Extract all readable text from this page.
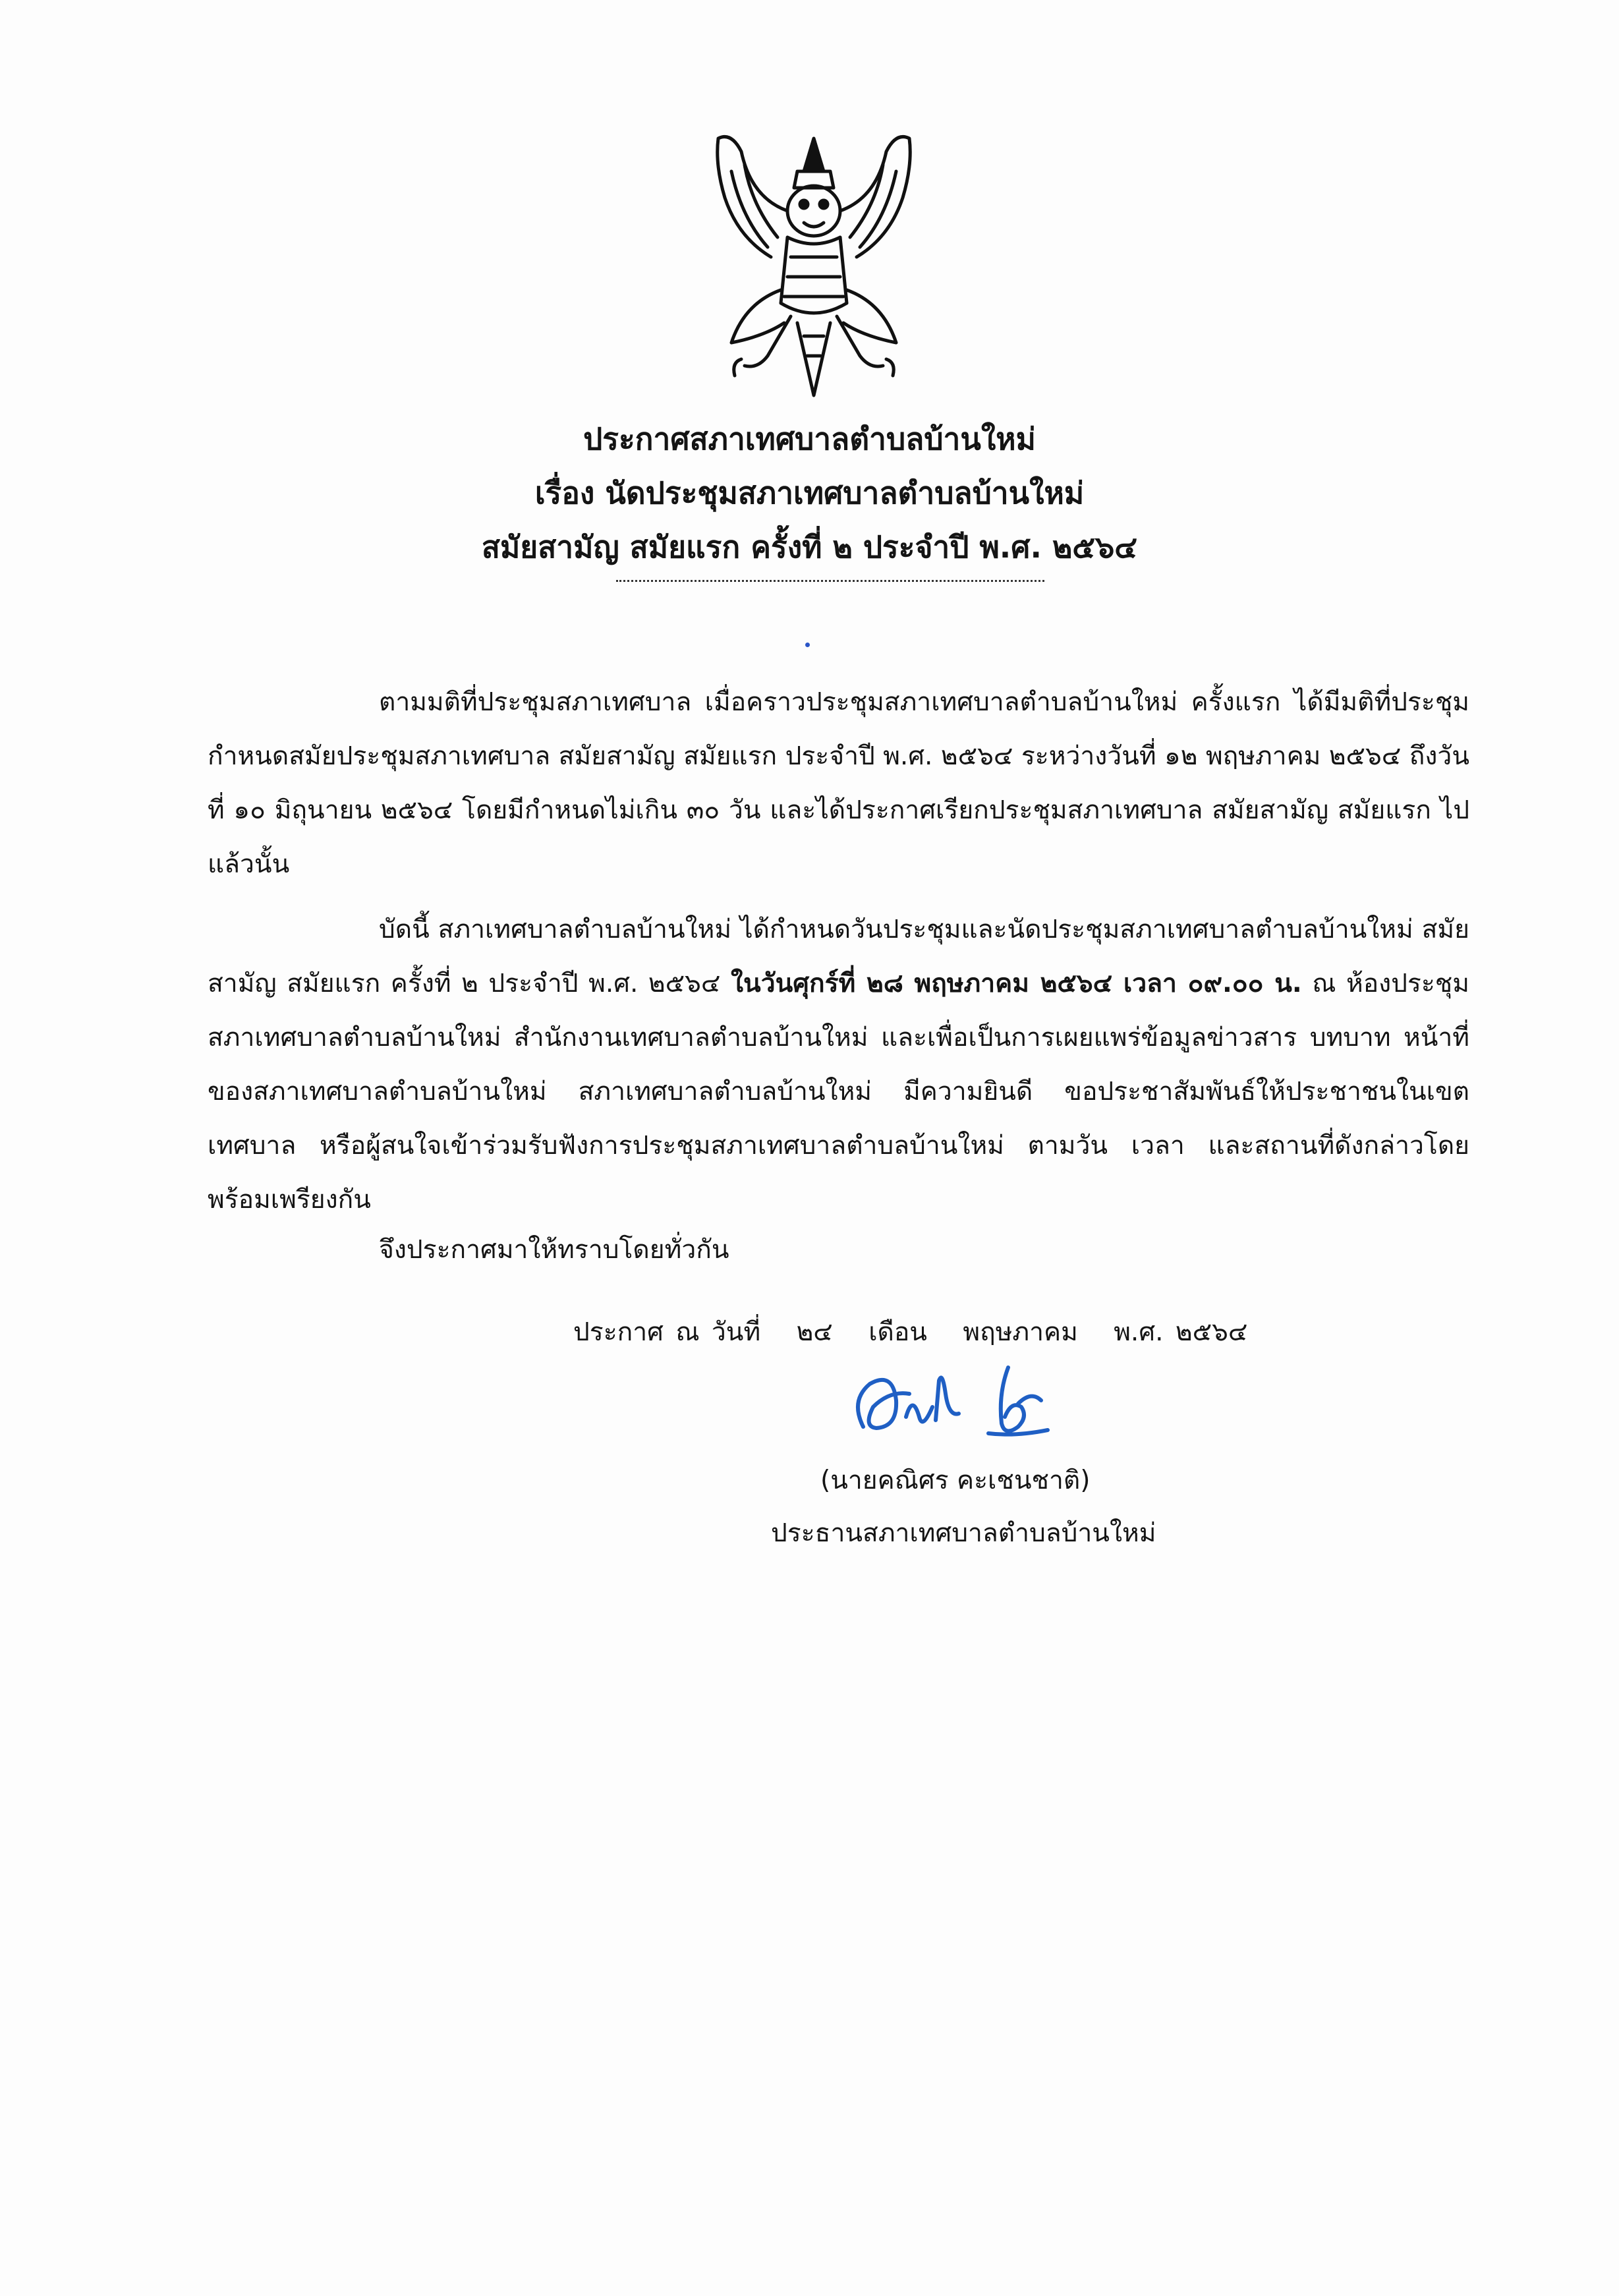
ประกาศสภาเทศบาลตำบลบ้านใหม่
เรื่อง นัดประชุมสภาเทศบาลตำบลบ้านใหม่
สมัยสามัญ สมัยแรก ครั้งที่ ๒ ประจำปี พ.ศ. ๒๕๖๔
ตามมติที่ประชุมสภาเทศบาล เมื่อคราวประชุมสภาเทศบาลตำบลบ้านใหม่ ครั้งแรก ได้มีมติที่ประชุมกำหนดสมัยประชุมสภาเทศบาล สมัยสามัญ สมัยแรก ประจำปี พ.ศ. ๒๕๖๔ ระหว่างวันที่ ๑๒ พฤษภาคม ๒๕๖๔ ถึงวันที่ ๑๐ มิถุนายน ๒๕๖๔ โดยมีกำหนดไม่เกิน ๓๐ วัน และได้ประกาศเรียกประชุมสภาเทศบาล สมัยสามัญ สมัยแรก ไปแล้วนั้น
บัดนี้ สภาเทศบาลตำบลบ้านใหม่ ได้กำหนดวันประชุมและนัดประชุมสภาเทศบาลตำบลบ้านใหม่ สมัยสามัญ สมัยแรก ครั้งที่ ๒ ประจำปี พ.ศ. ๒๕๖๔ ในวันศุกร์ที่ ๒๘ พฤษภาคม ๒๕๖๔ เวลา ๐๙.๐๐ น. ณ ห้องประชุมสภาเทศบาลตำบลบ้านใหม่ สำนักงานเทศบาลตำบลบ้านใหม่ และเพื่อเป็นการเผยแพร่ข้อมูลข่าวสาร บทบาท หน้าที่ของสภาเทศบาลตำบลบ้านใหม่ สภาเทศบาลตำบลบ้านใหม่ มีความยินดี ขอประชาสัมพันธ์ให้ประชาชนในเขตเทศบาล หรือผู้สนใจเข้าร่วมรับฟังการประชุมสภาเทศบาลตำบลบ้านใหม่ ตามวัน เวลา และสถานที่ดังกล่าวโดยพร้อมเพรียงกัน
จึงประกาศมาให้ทราบโดยทั่วกัน
ประกาศ ณ วันที่ ๒๔ เดือน พฤษภาคม พ.ศ. ๒๕๖๔
(นายคณิศร คะเชนชาติ)
ประธานสภาเทศบาลตำบลบ้านใหม่
